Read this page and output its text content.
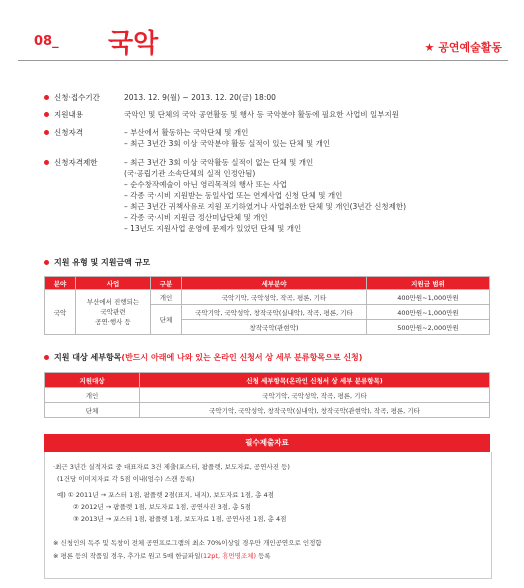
08_ 국악	★ 공연예술활동
신청·접수기간	2013. 12. 9(월) ~ 2013. 12. 20(금) 18:00
지원내용	국악인 및 단체의 국악 공연활동 및 행사 등 국악분야 활동에 필요한 사업비 일부지원
신청자격	– 부산에서 활동하는 국악단체 및 개인
– 최근 3년간 3회 이상 국악분야 활동 실적이 있는 단체 및 개인
신청자격제한	– 최근 3년간 3회 이상 국악활동 실적이 없는 단체 및 개인
(국·공립기관 소속단체의 실적 인정안됨)
– 순수창작예술이 아닌 영리목적의 행사 또는 사업
– 각종 국·시비 지원받는 동일사업 또는 연계사업 신청 단체 및 개인
– 최근 3년간 귀책사유로 지원 포기하였거나 사업취소한 단체 및 개인(3년간 신청제한)
– 각종 국·시비 지원금 정산미납단체 및 개인
– 13년도 지원사업 운영에 문제가 있었던 단체 및 개인
지원 유형 및 지원금액 규모
분야	사업	구분	세부분야	지원금 범위
국악	부산에서 진행되는
국악관련
공연·행사 등	개인	국악기악, 국악성악, 작곡, 평론, 기타	400만원~1,000만원
		단체	국악기악, 국악성악, 창작국악(실내악), 작곡, 평론, 기타	400만원~1,000만원
			창작국악(관현악)	500만원~2,000만원
지원 대상 세부항목(반드시 아래에 나와 있는 온라인 신청서 상 세부 분류항목으로 신청)
지원대상	신청 세부항목(온라인 신청서 상 세부 분류항목)
개인	국악기악, 국악성악, 작곡, 평론, 기타
단체	국악기악, 국악성악, 창작국악(실내악), 창작국악(관현악), 작곡, 평론, 기타
필수제출자료
·최근 3년간 실적자료 중 대표자료 3건 제출(포스터, 팜플렛, 보도자료, 공연사진 등)
(1건당 이미지자료 각 5점 이내(엄수) 스캔 등록)
예) ① 2011년 → 포스터 1점, 팜플렛 2점(표지, 내지), 보도자료 1점, 총 4점
② 2012년 → 팜플렛 1점, 보도자료 1점, 공연사진 3점, 총 5점
③ 2013년 → 포스터 1점, 팜플렛 1점, 보도자료 1점, 공연사진 1점, 총 4점
※ 신청인의 독주 및 독창이 전체 공연프로그램의 최소 70%이상일 경우만 개인공연으로 인정함
※ 평론 등의 작품일 경우, 추가로 원고 5매 한글파일(12pt, 휴먼명조체) 등록
